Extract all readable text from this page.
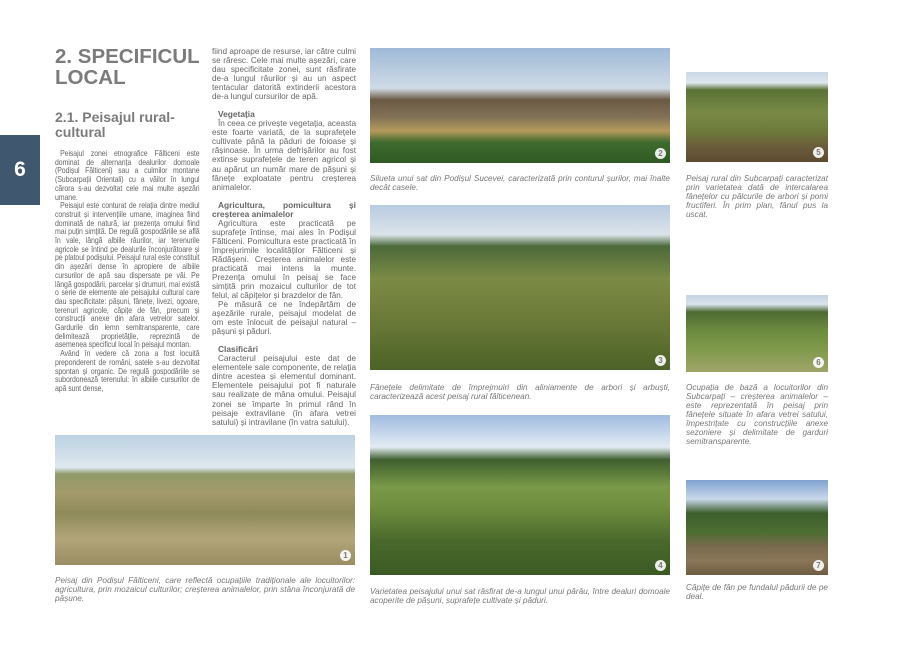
6
2. SPECIFICUL LOCAL
2.1. Peisajul rural-cultural

Peisajul zonei etnografice Fălticeni este dominat de alternanța dealurilor domoale (Podișul Fălticeni) sau a culmilor montane (Subcarpații Orientali) cu a văilor în lungul cărora s-au dezvoltat cele mai multe așezări umane.

Peisajul este conturat de relația dintre mediul construit și intervențiile umane, imaginea fiind dominată de natură, iar prezența omului fiind mai puțin simțită. De regulă gospodăriile se află în vale, lângă albiile râurilor, iar terenurile agricole se întind pe dealurile înconjurătoare și pe platoul podișului. Peisajul rural este constituit din așezări dense în apropiere de albiile cursurilor de apă sau dispersate pe văi. Pe lângă gospodării, parcelar și drumuri, mai există o serie de elemente ale peisajului cultural care dau specificitate: pășuni, fânețe, livezi, ogoare, terenuri agricole, căpițe de fân, precum și construcții anexe din afara vetrelor satelor. Gardurile din lemn semitransparente, care delimitează proprietățile, reprezintă de asemenea specificul local în peisajul montan.

Având în vedere că zona a fost locuită preponderent de români, satele s-au dezvoltat spontan și organic. De regulă gospodăriile se subordonează terenului: în albiile cursurilor de apă sunt dense,

fiind aproape de resurse, iar către culmi se răresc. Cele mai multe așezări, care dau specificitate zonei, sunt răsfirate de-a lungul râurilor și au un aspect tentacular datorită extinderii acestora de-a lungul cursurilor de apă.

Vegetația

În ceea ce privește vegetația, aceasta este foarte variată, de la suprafețele cultivate până la păduri de foioase și rășinoase. În urma defrișărilor au fost extinse suprafețele de teren agricol și au apărut un număr mare de pășuni și fânețe exploatate pentru creșterea animalelor.

Agricultura, pomicultura și creșterea animalelor

Agricultura este practicată pe suprafețe întinse, mai ales în Podișul Fălticeni. Pomicultura este practicată în împrejurimile localităților Fălticeni și Rădășeni. Creșterea animalelor este practicată mai intens la munte. Prezența omului în peisaj se face simțită prin mozaicul culturilor de tot felul, al căpițelor și brazdelor de fân.

Pe măsură ce ne îndepărtăm de așezările rurale, peisajul modelat de om este înlocuit de peisajul natural – pășuni și păduri.

Clasificări

Caracterul peisajului este dat de elementele sale componente, de relația dintre acestea și elementul dominant. Elementele peisajului pot fi naturale sau realizate de mâna omului. Peisajul zonei se împarte în primul rând în peisaje extravilane (în afara vetrei satului) și intravilane (în vatra satului).

1
Peisaj din Podișul Fălticeni, care reflectă ocupațiile tradiționale ale locuitorilor: agricultura, prin mozaicul culturilor; creșterea animalelor, prin stâna înconjurată de pășune.
2
Silueta unui sat din Podișul Sucevei, caracterizată prin conturul șurilor, mai înalte decât casele.
3
Fânețele delimitate de împrejmuiri din aliniamente de arbori și arbuști, caracterizează acest peisaj rural fălticenean.
4
Varietatea peisajului unui sat răsfirat de-a lungul unui pârâu, între dealuri domoale acoperite de pășuni, suprafețe cultivate și păduri.
5
Peisaj rural din Subcarpați caracterizat prin varietatea dată de intercalarea fânețelor cu pâlcurile de arbori și pomi fructiferi. În prim plan, fânul pus la uscat.
6
Ocupația de bază a locuitorilor din Subcarpați – creșterea animalelor – este reprezentată în peisaj prin fânețele situate în afara vetrei satului, împestrițate cu construcțiile anexe sezoniere și delimitate de garduri semitransparente.
7
Căpițe de fân pe fundalul pădurii de pe deal.
